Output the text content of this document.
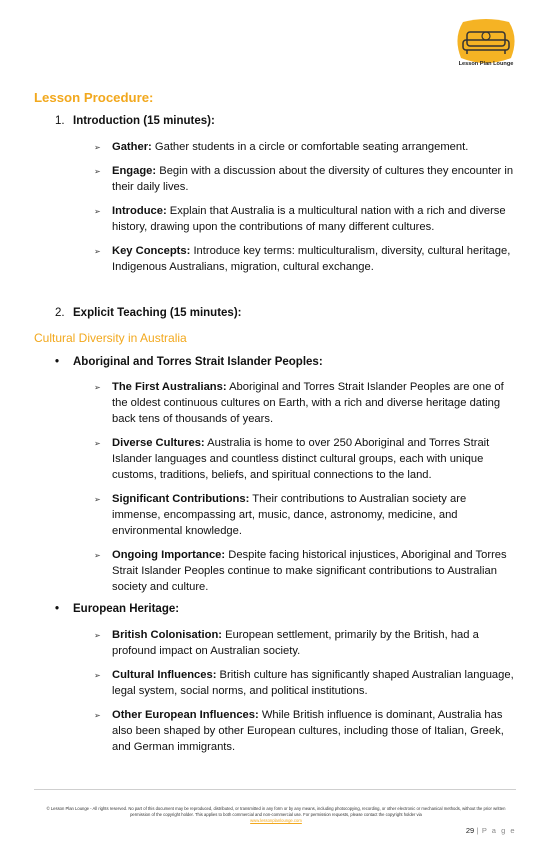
Lesson Plan Lounge
Lesson Procedure:
1. Introduction (15 minutes):
➢ Gather: Gather students in a circle or comfortable seating arrangement.
➢ Engage: Begin with a discussion about the diversity of cultures they encounter in their daily lives.
➢ Introduce: Explain that Australia is a multicultural nation with a rich and diverse history, drawing upon the contributions of many different cultures.
➢ Key Concepts: Introduce key terms: multiculturalism, diversity, cultural heritage, Indigenous Australians, migration, cultural exchange.
2. Explicit Teaching (15 minutes):
Cultural Diversity in Australia
• Aboriginal and Torres Strait Islander Peoples:
➢ The First Australians: Aboriginal and Torres Strait Islander Peoples are one of the oldest continuous cultures on Earth, with a rich and diverse heritage dating back tens of thousands of years.
➢ Diverse Cultures: Australia is home to over 250 Aboriginal and Torres Strait Islander languages and countless distinct cultural groups, each with unique customs, traditions, beliefs, and spiritual connections to the land.
➢ Significant Contributions: Their contributions to Australian society are immense, encompassing art, music, dance, astronomy, medicine, and environmental knowledge.
➢ Ongoing Importance: Despite facing historical injustices, Aboriginal and Torres Strait Islander Peoples continue to make significant contributions to Australian society and culture.
• European Heritage:
➢ British Colonisation: European settlement, primarily by the British, had a profound impact on Australian society.
➢ Cultural Influences: British culture has significantly shaped Australian language, legal system, social norms, and political institutions.
➢ Other European Influences: While British influence is dominant, Australia has also been shaped by other European cultures, including those of Italian, Greek, and German immigrants.
© Lesson Plan Lounge - All rights reserved. No part of this document may be reproduced, distributed, or transmitted in any form or by any means, including photocopying, recording, or other electronic or mechanical methods, without the prior written permission of the copyright holder. This applies to both commercial and non-commercial use. For permission requests, please contact the copyright holder via
www.lessonplanlounge.com
29 | P a g e
